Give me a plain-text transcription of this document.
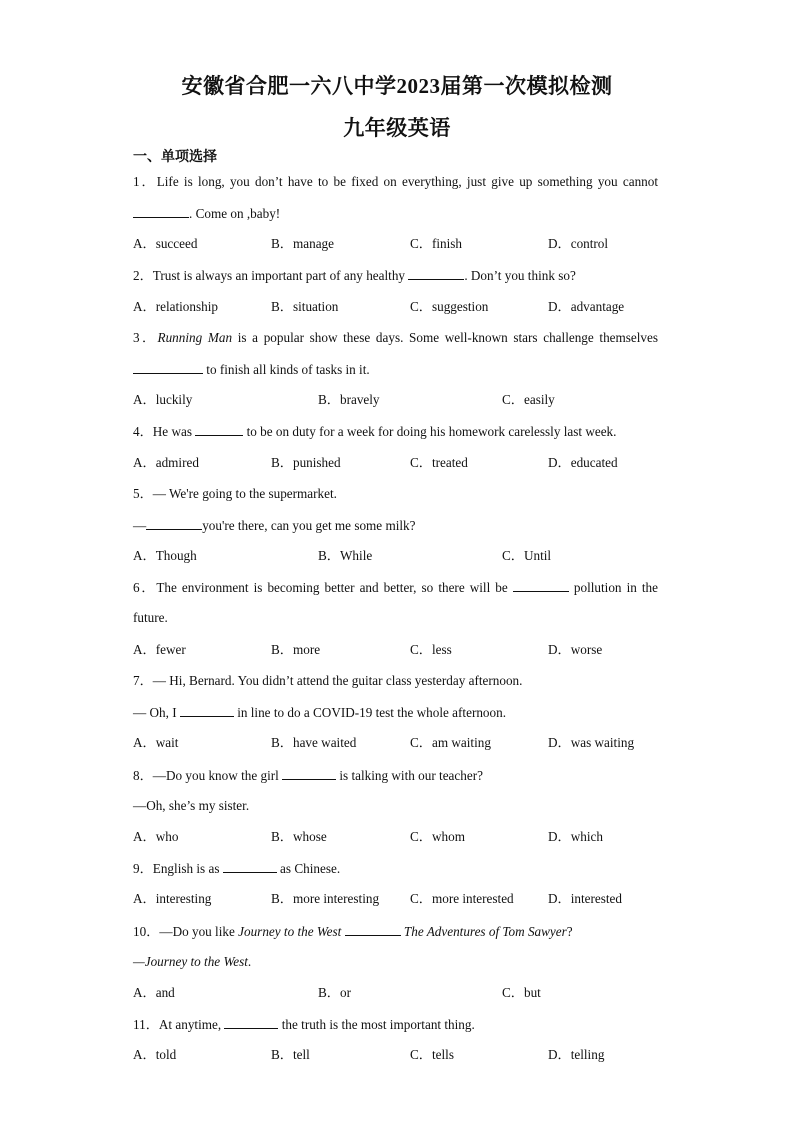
安徽省合肥一六八中学2023届第一次模拟检测
九年级英语
一、单项选择
1．Life is long, you don’t have to be fixed on everything, just give up something you cannot
. Come on ,baby!
A．succeed	B．manage	C．finish	D．control
2．Trust is always an important part of any healthy	. Don’t you think so?
A．relationship	B．situation	C．suggestion	D．advantage
3．Running Man is a popular show these days. Some well-known stars challenge themselves
to finish all kinds of tasks in it.
A．luckily	B．bravely	C．easily
4．He was	to be on duty for a week for doing his homework carelessly last week.
A．admired	B．punished	C．treated	D．educated
5．— We're going to the supermarket.
—	you're there, can you get me some milk?
A．Though	B．While	C．Until
6．The environment is becoming better and better, so there will be	pollution in the
future.
A．fewer	B．more	C．less	D．worse
7．— Hi, Bernard. You didn’t attend the guitar class yesterday afternoon.
— Oh, I	in line to do a COVID-19 test the whole afternoon.
A．wait	B．have waited	C．am waiting	D．was waiting
8．—Do you know the girl	is talking with our teacher?
—Oh, she’s my sister.
A．who	B．whose	C．whom	D．which
9．English is as	as Chinese.
A．interesting	B．more interesting C．more interested	D．interested
10．—Do you like Journey to the West	The Adventures of Tom Sawyer?
—Journey to the West.
A．and	B．or	C．but
11．At anytime,	the truth is the most important thing.
A．told	B．tell	C．tells	D．telling
